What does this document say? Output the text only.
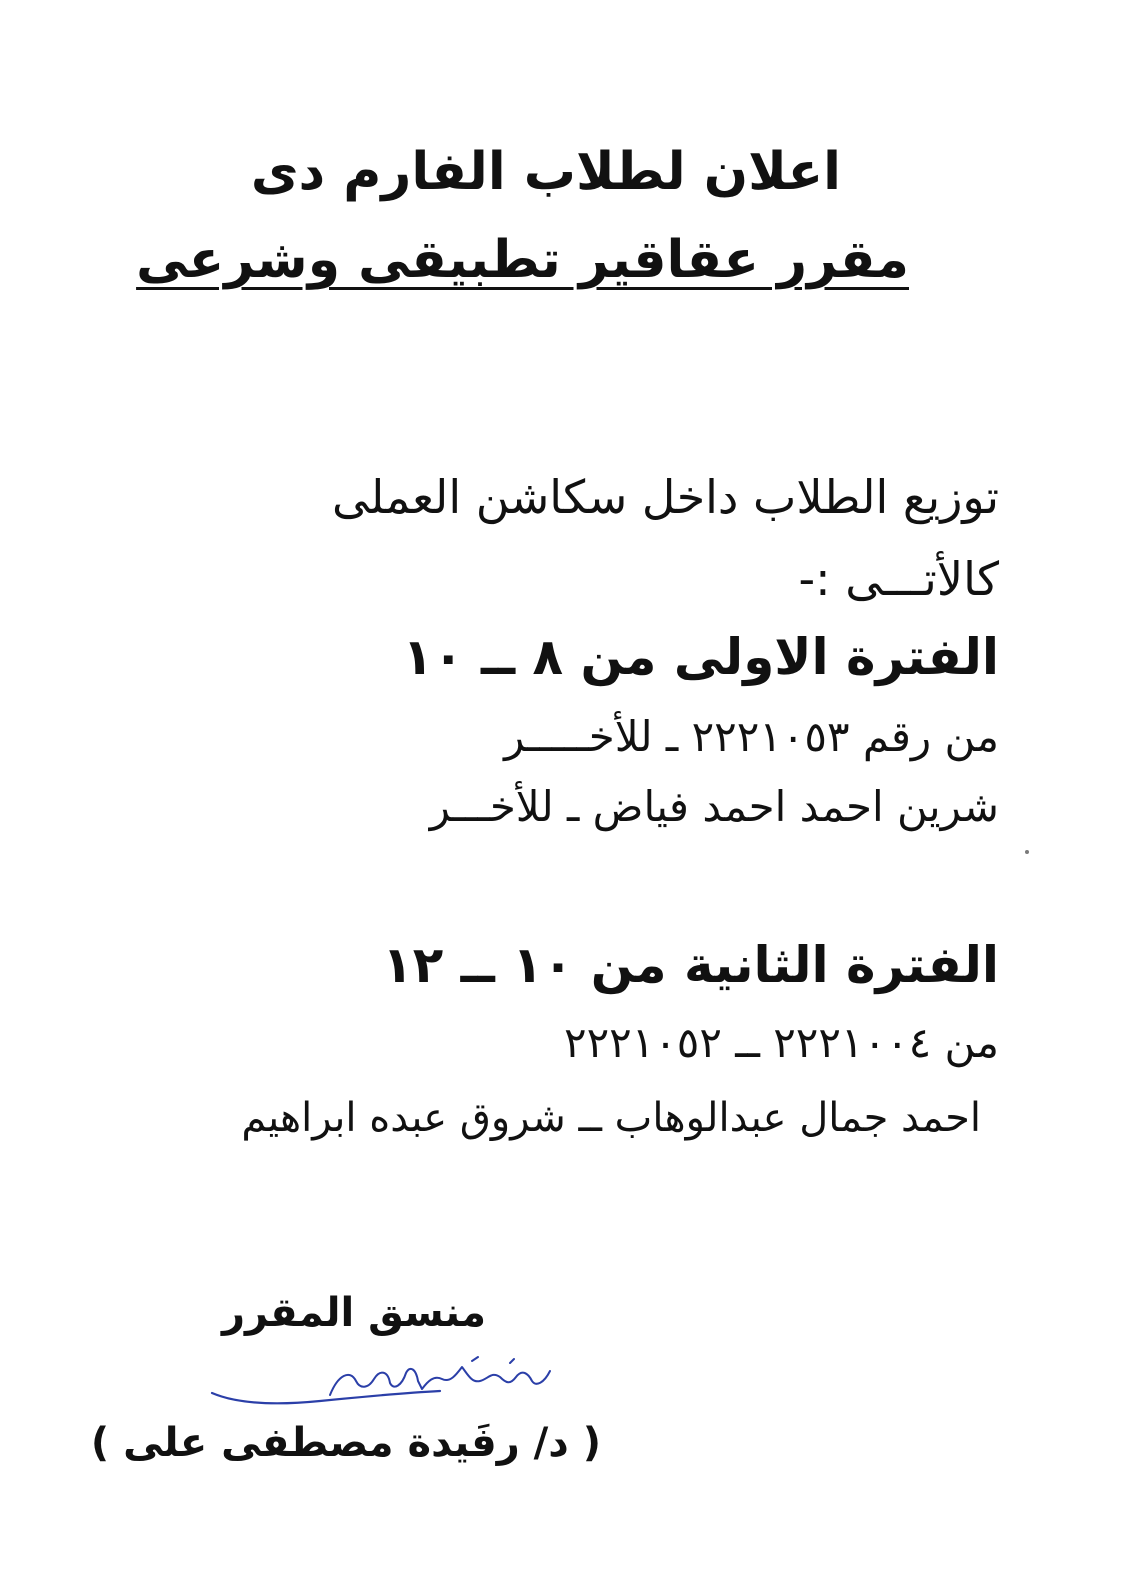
اعلان لطلاب الفارم دى
مقرر عقاقير تطبيقى وشرعى
توزيع الطلاب داخل سكاشن العملى
كالأتـــى :-
الفترة الاولى من ٨ ــ ١٠
من رقم ٢٢٢١٠٥٣ ـ للأخـــــر
شرين احمد احمد فياض ـ للأخـــر
الفترة الثانية من ١٠ ــ ١٢
من ٢٢٢١٠٠٤ ــ ٢٢٢١٠٥٢
احمد جمال عبدالوهاب ــ شروق عبده ابراهيم
منسق المقرر
( د/ رفَيدة مصطفى على )
